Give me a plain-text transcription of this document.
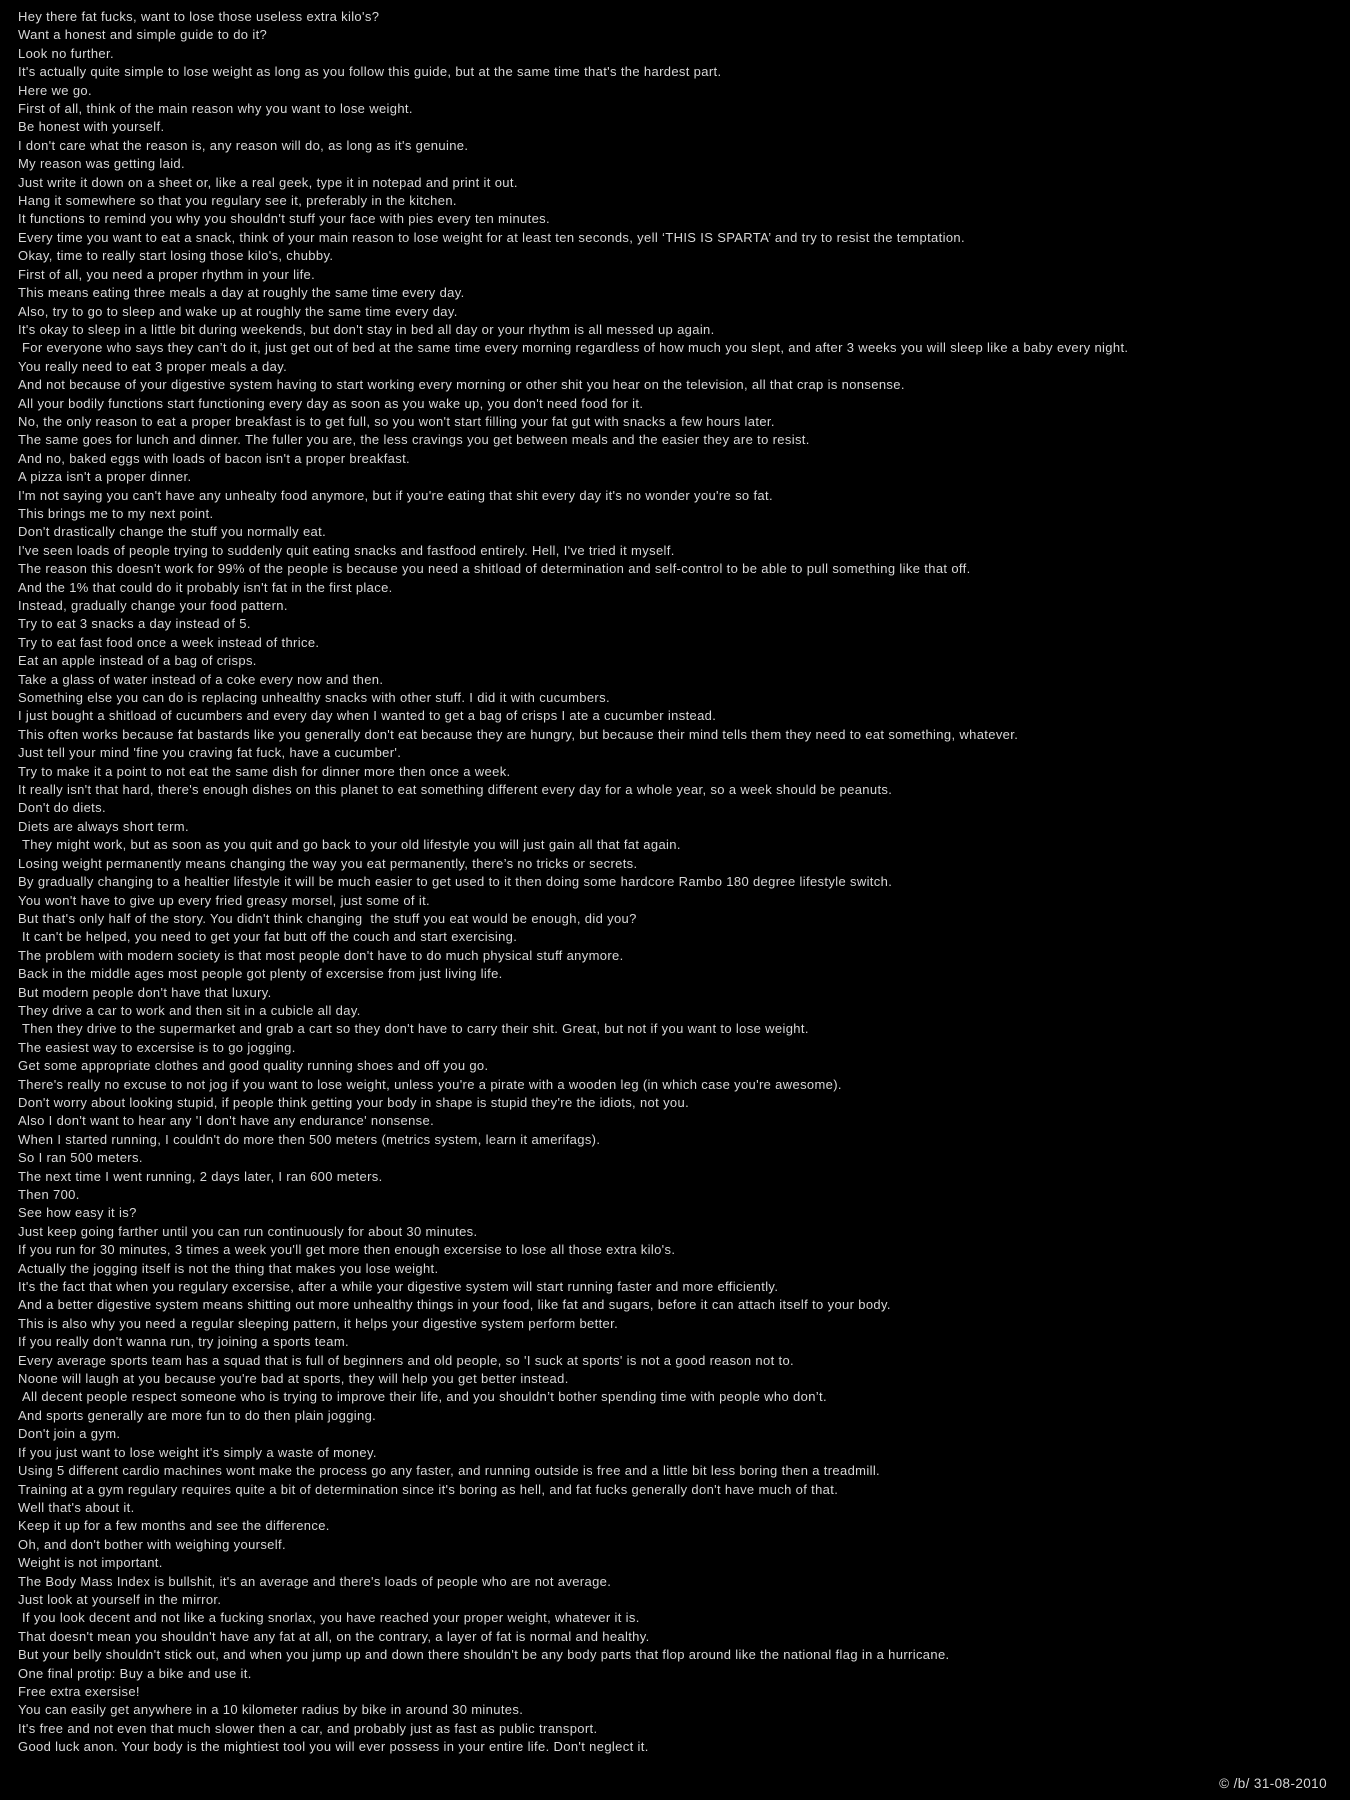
Hey there fat fucks, want to lose those useless extra kilo's?
Want a honest and simple guide to do it?
Look no further.
It's actually quite simple to lose weight as long as you follow this guide, but at the same time that's the hardest part.
Here we go.
First of all, think of the main reason why you want to lose weight.
Be honest with yourself.
I don't care what the reason is, any reason will do, as long as it's genuine.
My reason was getting laid.
Just write it down on a sheet or, like a real geek, type it in notepad and print it out.
Hang it somewhere so that you regulary see it, preferably in the kitchen.
It functions to remind you why you shouldn't stuff your face with pies every ten minutes.
Every time you want to eat a snack, think of your main reason to lose weight for at least ten seconds, yell ‘THIS IS SPARTA’ and try to resist the temptation.
Okay, time to really start losing those kilo's, chubby.
First of all, you need a proper rhythm in your life.
This means eating three meals a day at roughly the same time every day.
Also, try to go to sleep and wake up at roughly the same time every day.
It's okay to sleep in a little bit during weekends, but don't stay in bed all day or your rhythm is all messed up again.
For everyone who says they can’t do it, just get out of bed at the same time every morning regardless of how much you slept, and after 3 weeks you will sleep like a baby every night.
You really need to eat 3 proper meals a day.
And not because of your digestive system having to start working every morning or other shit you hear on the television, all that crap is nonsense.
All your bodily functions start functioning every day as soon as you wake up, you don't need food for it.
No, the only reason to eat a proper breakfast is to get full, so you won't start filling your fat gut with snacks a few hours later.
The same goes for lunch and dinner. The fuller you are, the less cravings you get between meals and the easier they are to resist.
And no, baked eggs with loads of bacon isn't a proper breakfast.
A pizza isn't a proper dinner.
I'm not saying you can't have any unhealty food anymore, but if you're eating that shit every day it's no wonder you're so fat.
This brings me to my next point.
Don't drastically change the stuff you normally eat.
I've seen loads of people trying to suddenly quit eating snacks and fastfood entirely. Hell, I've tried it myself.
The reason this doesn't work for 99% of the people is because you need a shitload of determination and self-control to be able to pull something like that off.
And the 1% that could do it probably isn't fat in the first place.
Instead, gradually change your food pattern.
Try to eat 3 snacks a day instead of 5.
Try to eat fast food once a week instead of thrice.
Eat an apple instead of a bag of crisps.
Take a glass of water instead of a coke every now and then.
Something else you can do is replacing unhealthy snacks with other stuff. I did it with cucumbers.
I just bought a shitload of cucumbers and every day when I wanted to get a bag of crisps I ate a cucumber instead.
This often works because fat bastards like you generally don't eat because they are hungry, but because their mind tells them they need to eat something, whatever.
Just tell your mind 'fine you craving fat fuck, have a cucumber'.
Try to make it a point to not eat the same dish for dinner more then once a week.
It really isn't that hard, there's enough dishes on this planet to eat something different every day for a whole year, so a week should be peanuts.
Don't do diets.
Diets are always short term.
They might work, but as soon as you quit and go back to your old lifestyle you will just gain all that fat again.
Losing weight permanently means changing the way you eat permanently, there’s no tricks or secrets.
By gradually changing to a healtier lifestyle it will be much easier to get used to it then doing some hardcore Rambo 180 degree lifestyle switch.
You won't have to give up every fried greasy morsel, just some of it.
But that's only half of the story. You didn't think changing  the stuff you eat would be enough, did you?
It can't be helped, you need to get your fat butt off the couch and start exercising.
The problem with modern society is that most people don't have to do much physical stuff anymore.
Back in the middle ages most people got plenty of excersise from just living life.
But modern people don't have that luxury.
They drive a car to work and then sit in a cubicle all day.
Then they drive to the supermarket and grab a cart so they don't have to carry their shit. Great, but not if you want to lose weight.
The easiest way to excersise is to go jogging.
Get some appropriate clothes and good quality running shoes and off you go.
There's really no excuse to not jog if you want to lose weight, unless you're a pirate with a wooden leg (in which case you're awesome).
Don't worry about looking stupid, if people think getting your body in shape is stupid they're the idiots, not you.
Also I don't want to hear any 'I don't have any endurance' nonsense.
When I started running, I couldn't do more then 500 meters (metrics system, learn it amerifags).
So I ran 500 meters.
The next time I went running, 2 days later, I ran 600 meters.
Then 700.
See how easy it is?
Just keep going farther until you can run continuously for about 30 minutes.
If you run for 30 minutes, 3 times a week you'll get more then enough excersise to lose all those extra kilo's.
Actually the jogging itself is not the thing that makes you lose weight.
It's the fact that when you regulary excersise, after a while your digestive system will start running faster and more efficiently.
And a better digestive system means shitting out more unhealthy things in your food, like fat and sugars, before it can attach itself to your body.
This is also why you need a regular sleeping pattern, it helps your digestive system perform better.
If you really don't wanna run, try joining a sports team.
Every average sports team has a squad that is full of beginners and old people, so 'I suck at sports' is not a good reason not to.
Noone will laugh at you because you're bad at sports, they will help you get better instead.
All decent people respect someone who is trying to improve their life, and you shouldn’t bother spending time with people who don’t.
And sports generally are more fun to do then plain jogging.
Don't join a gym.
If you just want to lose weight it's simply a waste of money.
Using 5 different cardio machines wont make the process go any faster, and running outside is free and a little bit less boring then a treadmill.
Training at a gym regulary requires quite a bit of determination since it's boring as hell, and fat fucks generally don't have much of that.
Well that's about it.
Keep it up for a few months and see the difference.
Oh, and don't bother with weighing yourself.
Weight is not important.
The Body Mass Index is bullshit, it's an average and there's loads of people who are not average.
Just look at yourself in the mirror.
If you look decent and not like a fucking snorlax, you have reached your proper weight, whatever it is.
That doesn't mean you shouldn't have any fat at all, on the contrary, a layer of fat is normal and healthy.
But your belly shouldn't stick out, and when you jump up and down there shouldn't be any body parts that flop around like the national flag in a hurricane.
One final protip: Buy a bike and use it.
Free extra exersise!
You can easily get anywhere in a 10 kilometer radius by bike in around 30 minutes.
It's free and not even that much slower then a car, and probably just as fast as public transport.
Good luck anon. Your body is the mightiest tool you will ever possess in your entire life. Don't neglect it.
© /b/ 31-08-2010
